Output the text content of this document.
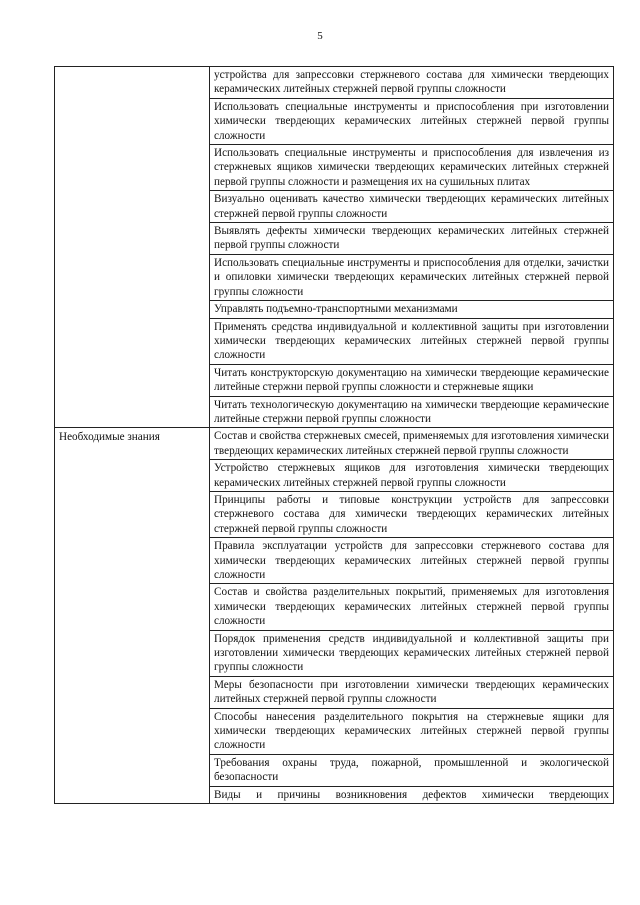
5
	устройства для запрессовки стержневого состава для химически твердеющих керамических литейных стержней первой группы сложности
	Использовать специальные инструменты и приспособления при изготовлении химически твердеющих керамических литейных стержней первой группы сложности
	Использовать специальные инструменты и приспособления для извлечения из стержневых ящиков химически твердеющих керамических литейных стержней первой группы сложности и размещения их на сушильных плитах
	Визуально оценивать качество химически твердеющих керамических литейных стержней первой группы сложности
	Выявлять дефекты химически твердеющих керамических литейных стержней первой группы сложности
	Использовать специальные инструменты и приспособления для отделки, зачистки и опиловки химически твердеющих керамических литейных стержней первой группы сложности
	Управлять подъемно-транспортными механизмами
	Применять средства индивидуальной и коллективной защиты при изготовлении химически твердеющих керамических литейных стержней первой группы сложности
	Читать конструкторскую документацию на химически твердеющие керамические литейные стержни первой группы сложности и стержневые ящики
	Читать технологическую документацию на химически твердеющие керамические литейные стержни первой группы сложности
Необходимые знания	Состав и свойства стержневых смесей, применяемых для изготовления химически твердеющих керамических литейных стержней первой группы сложности
	Устройство стержневых ящиков для изготовления химически твердеющих керамических литейных стержней первой группы сложности
	Принципы работы и типовые конструкции устройств для запрессовки стержневого состава для химически твердеющих керамических литейных стержней первой группы сложности
	Правила эксплуатации устройств для запрессовки стержневого состава для химически твердеющих керамических литейных стержней первой группы сложности
	Состав и свойства разделительных покрытий, применяемых для изготовления химически твердеющих керамических литейных стержней первой группы сложности
	Порядок применения средств индивидуальной и коллективной защиты при изготовлении химически твердеющих керамических литейных стержней первой группы сложности
	Меры безопасности при изготовлении химически твердеющих керамических литейных стержней первой группы сложности
	Способы нанесения разделительного покрытия на стержневые ящики для химически твердеющих керамических литейных стержней первой группы сложности
	Требования охраны труда, пожарной, промышленной и экологической безопасности
	Виды и причины возникновения дефектов химически твердеющих
